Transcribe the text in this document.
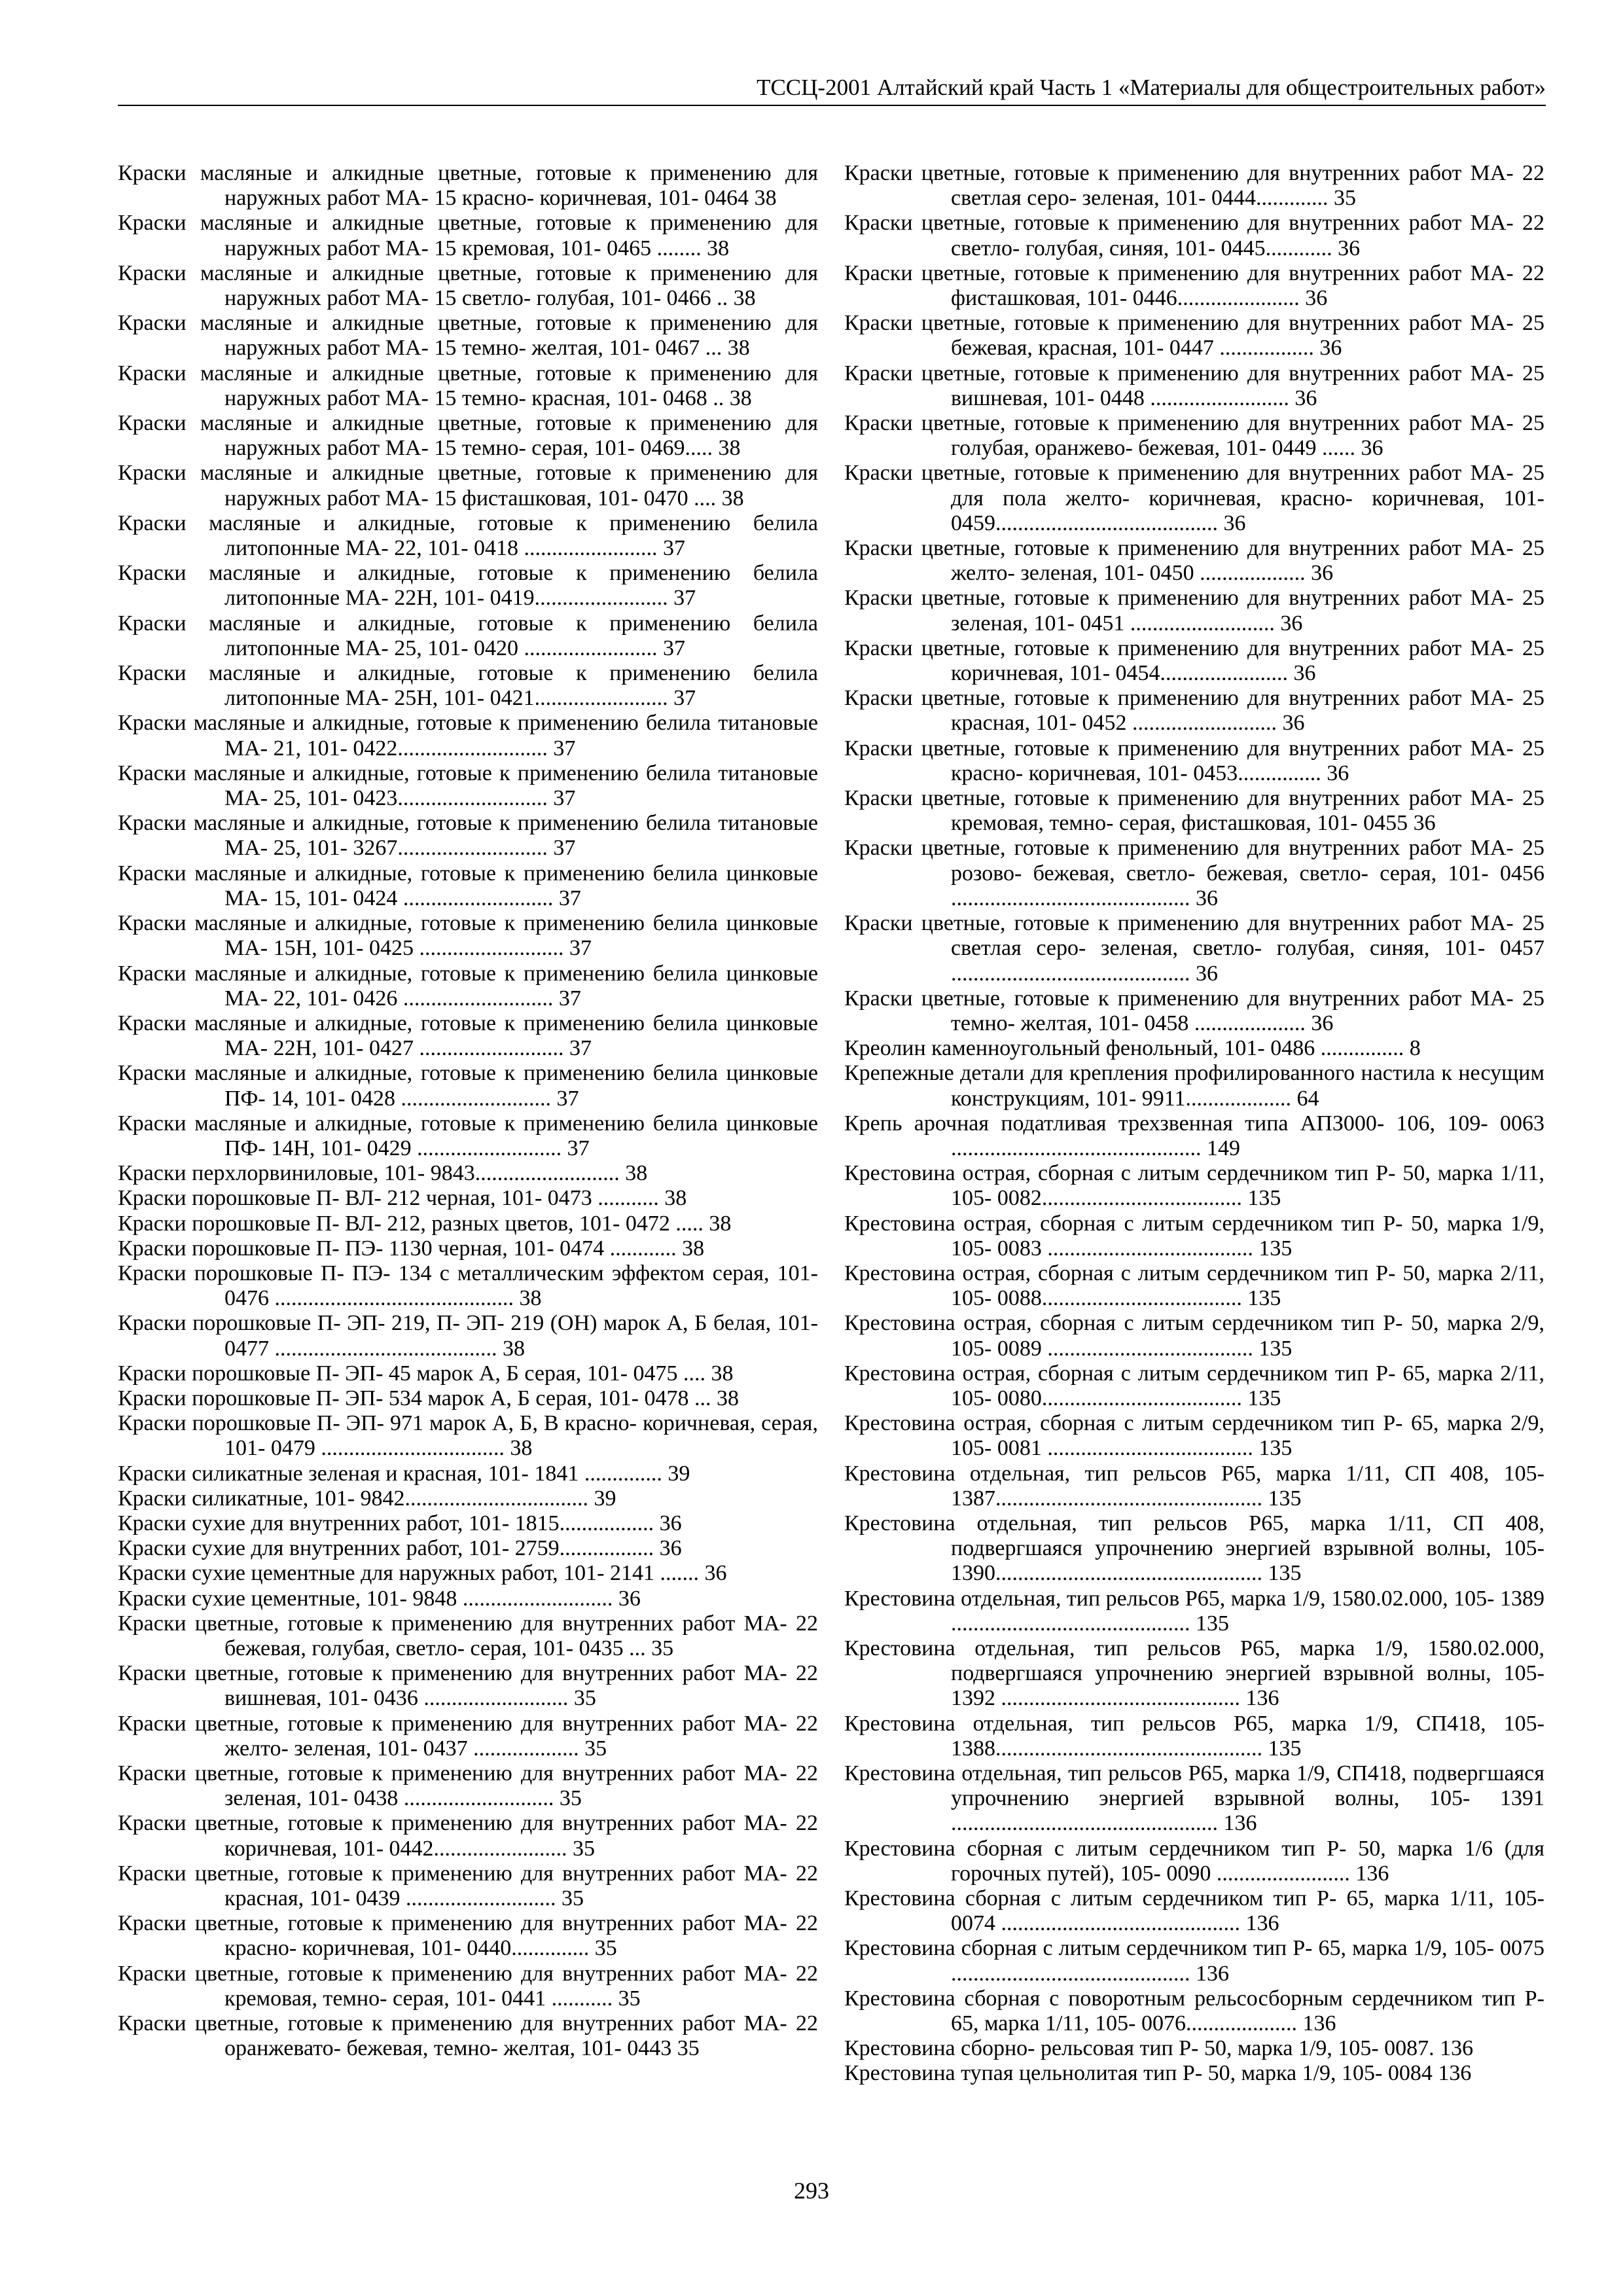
ТССЦ-2001 Алтайский край Часть 1 «Материалы для общестроительных работ»
Краски масляные и алкидные цветные, готовые к применению для наружных работ МА- 15 красно- коричневая, 101- 0464 38
Краски масляные и алкидные цветные, готовые к применению для наружных работ МА- 15 кремовая, 101- 0465 ........ 38
Краски масляные и алкидные цветные, готовые к применению для наружных работ МА- 15 светло- голубая, 101- 0466 .. 38
Краски масляные и алкидные цветные, готовые к применению для наружных работ МА- 15 темно- желтая, 101- 0467 ... 38
Краски масляные и алкидные цветные, готовые к применению для наружных работ МА- 15 темно- красная, 101- 0468 .. 38
Краски масляные и алкидные цветные, готовые к применению для наружных работ МА- 15 темно- серая, 101- 0469..... 38
Краски масляные и алкидные цветные, готовые к применению для наружных работ МА- 15 фисташковая, 101- 0470 .... 38
Краски масляные и алкидные, готовые к применению белила литопонные МА- 22, 101- 0418 ........................ 37
Краски масляные и алкидные, готовые к применению белила литопонные МА- 22Н, 101- 0419........................ 37
Краски масляные и алкидные, готовые к применению белила литопонные МА- 25, 101- 0420 ........................ 37
Краски масляные и алкидные, готовые к применению белила литопонные МА- 25Н, 101- 0421........................ 37
Краски масляные и алкидные, готовые к применению белила титановые МА- 21, 101- 0422........................... 37
Краски масляные и алкидные, готовые к применению белила титановые МА- 25, 101- 0423........................... 37
Краски масляные и алкидные, готовые к применению белила титановые МА- 25, 101- 3267........................... 37
Краски масляные и алкидные, готовые к применению белила цинковые МА- 15, 101- 0424 ........................... 37
Краски масляные и алкидные, готовые к применению белила цинковые МА- 15Н, 101- 0425 .......................... 37
Краски масляные и алкидные, готовые к применению белила цинковые МА- 22, 101- 0426 ........................... 37
Краски масляные и алкидные, готовые к применению белила цинковые МА- 22Н, 101- 0427 .......................... 37
Краски масляные и алкидные, готовые к применению белила цинковые ПФ- 14, 101- 0428 ........................... 37
Краски масляные и алкидные, готовые к применению белила цинковые ПФ- 14Н, 101- 0429 .......................... 37
Краски перхлорвиниловые, 101- 9843.......................... 38
Краски порошковые П- ВЛ- 212 черная, 101- 0473 ........... 38
Краски порошковые П- ВЛ- 212, разных цветов, 101- 0472 ..... 38
Краски порошковые П- ПЭ- 1130 черная, 101- 0474 ............ 38
Краски порошковые П- ПЭ- 134 с металлическим эффектом серая, 101- 0476 ........................................... 38
Краски порошковые П- ЭП- 219, П- ЭП- 219 (ОН) марок А, Б белая, 101- 0477 ........................................ 38
Краски порошковые П- ЭП- 45 марок А, Б серая, 101- 0475 .... 38
Краски порошковые П- ЭП- 534 марок А, Б серая, 101- 0478 ... 38
Краски порошковые П- ЭП- 971 марок А, Б, В красно- коричневая, серая, 101- 0479 ................................. 38
Краски силикатные зеленая и красная, 101- 1841 .............. 39
Краски силикатные, 101- 9842................................. 39
Краски сухие для внутренних работ, 101- 1815................. 36
Краски сухие для внутренних работ, 101- 2759................. 36
Краски сухие цементные для наружных работ, 101- 2141 ....... 36
Краски сухие цементные, 101- 9848 ........................... 36
Краски цветные, готовые к применению для внутренних работ МА- 22 бежевая, голубая, светло- серая, 101- 0435 ... 35
Краски цветные, готовые к применению для внутренних работ МА- 22 вишневая, 101- 0436 .......................... 35
Краски цветные, готовые к применению для внутренних работ МА- 22 желто- зеленая, 101- 0437 ................... 35
Краски цветные, готовые к применению для внутренних работ МА- 22 зеленая, 101- 0438 ........................... 35
Краски цветные, готовые к применению для внутренних работ МА- 22 коричневая, 101- 0442........................ 35
Краски цветные, готовые к применению для внутренних работ МА- 22 красная, 101- 0439 ........................... 35
Краски цветные, готовые к применению для внутренних работ МА- 22 красно- коричневая, 101- 0440.............. 35
Краски цветные, готовые к применению для внутренних работ МА- 22 кремовая, темно- серая, 101- 0441 ........... 35
Краски цветные, готовые к применению для внутренних работ МА- 22 оранжевато- бежевая, темно- желтая, 101- 0443 35
Краски цветные, готовые к применению для внутренних работ МА- 22 светлая серо- зеленая, 101- 0444............. 35
Краски цветные, готовые к применению для внутренних работ МА- 22 светло- голубая, синяя, 101- 0445............ 36
Краски цветные, готовые к применению для внутренних работ МА- 22 фисташковая, 101- 0446...................... 36
Краски цветные, готовые к применению для внутренних работ МА- 25 бежевая, красная, 101- 0447 ................. 36
Краски цветные, готовые к применению для внутренних работ МА- 25 вишневая, 101- 0448 ......................... 36
Краски цветные, готовые к применению для внутренних работ МА- 25 голубая, оранжево- бежевая, 101- 0449 ...... 36
Краски цветные, готовые к применению для внутренних работ МА- 25 для пола желто- коричневая, красно- коричневая, 101- 0459........................................ 36
Краски цветные, готовые к применению для внутренних работ МА- 25 желто- зеленая, 101- 0450 ................... 36
Краски цветные, готовые к применению для внутренних работ МА- 25 зеленая, 101- 0451 .......................... 36
Краски цветные, готовые к применению для внутренних работ МА- 25 коричневая, 101- 0454....................... 36
Краски цветные, готовые к применению для внутренних работ МА- 25 красная, 101- 0452 .......................... 36
Краски цветные, готовые к применению для внутренних работ МА- 25 красно- коричневая, 101- 0453............... 36
Краски цветные, готовые к применению для внутренних работ МА- 25 кремовая, темно- серая, фисташковая, 101- 0455 36
Краски цветные, готовые к применению для внутренних работ МА- 25 розово- бежевая, светло- бежевая, светло- серая, 101- 0456 ........................................... 36
Краски цветные, готовые к применению для внутренних работ МА- 25 светлая серо- зеленая, светло- голубая, синяя, 101- 0457 ........................................... 36
Краски цветные, готовые к применению для внутренних работ МА- 25 темно- желтая, 101- 0458 .................... 36
Креолин каменноугольный фенольный, 101- 0486 ............... 8
Крепежные детали для крепления профилированного настила к несущим конструкциям, 101- 9911................... 64
Крепь арочная податливая трехзвенная типа АПЗ000- 106, 109- 0063 ............................................. 149
Крестовина острая, сборная с литым сердечником тип Р- 50, марка 1/11, 105- 0082.................................... 135
Крестовина острая, сборная с литым сердечником тип Р- 50, марка 1/9, 105- 0083 ..................................... 135
Крестовина острая, сборная с литым сердечником тип Р- 50, марка 2/11, 105- 0088.................................... 135
Крестовина острая, сборная с литым сердечником тип Р- 50, марка 2/9, 105- 0089 ..................................... 135
Крестовина острая, сборная с литым сердечником тип Р- 65, марка 2/11, 105- 0080.................................... 135
Крестовина острая, сборная с литым сердечником тип Р- 65, марка 2/9, 105- 0081 ..................................... 135
Крестовина отдельная, тип рельсов Р65, марка 1/11, СП 408, 105- 1387................................................ 135
Крестовина отдельная, тип рельсов Р65, марка 1/11, СП 408, подвергшаяся упрочнению энергией взрывной волны, 105- 1390................................................ 135
Крестовина отдельная, тип рельсов Р65, марка 1/9, 1580.02.000, 105- 1389 ........................................... 135
Крестовина отдельная, тип рельсов Р65, марка 1/9, 1580.02.000, подвергшаяся упрочнению энергией взрывной волны, 105- 1392 ........................................... 136
Крестовина отдельная, тип рельсов Р65, марка 1/9, СП418, 105- 1388................................................ 135
Крестовина отдельная, тип рельсов Р65, марка 1/9, СП418, подвергшаяся упрочнению энергией взрывной волны, 105- 1391 ................................................ 136
Крестовина сборная с литым сердечником тип Р- 50, марка 1/6 (для горочных путей), 105- 0090 ........................ 136
Крестовина сборная с литым сердечником тип Р- 65, марка 1/11, 105- 0074 ........................................... 136
Крестовина сборная с литым сердечником тип Р- 65, марка 1/9, 105- 0075 ........................................... 136
Крестовина сборная с поворотным рельсосборным сердечником тип Р- 65, марка 1/11, 105- 0076.................... 136
Крестовина сборно- рельсовая тип Р- 50, марка 1/9, 105- 0087. 136
Крестовина тупая цельнолитая тип Р- 50, марка 1/9, 105- 0084 136
293
